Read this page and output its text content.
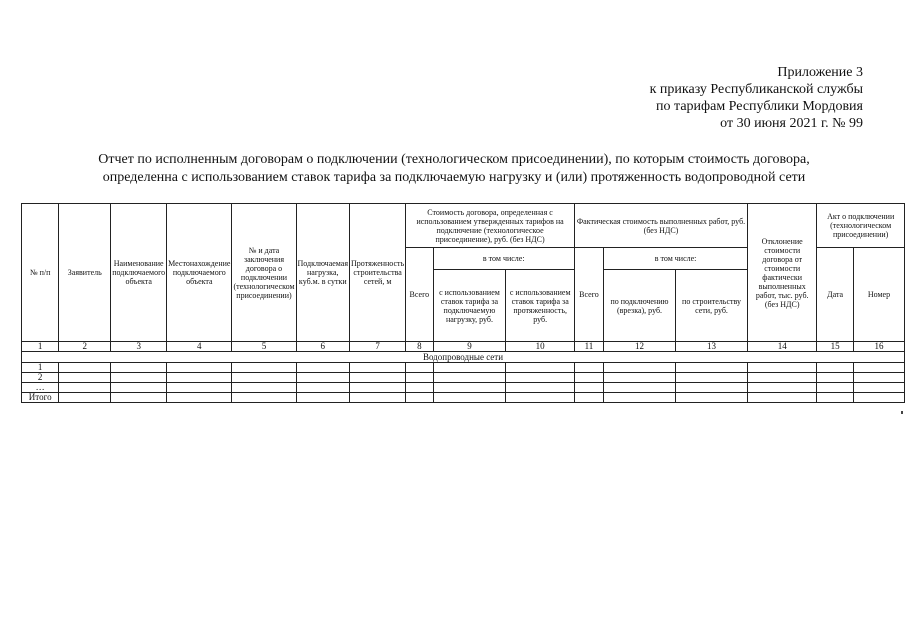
Приложение 3
к приказу Республиканской службы
по тарифам Республики Мордовия
от 30 июня 2021 г. № 99
Отчет по исполненным договорам о подключении (технологическом присоединении), по которым стоимость договора,
определенна с использованием ставок тарифа за подключаемую нагрузку и (или) протяженность водопроводной сети
№ п/п	Заявитель	Наименование подключаемого объекта	Местонахождение подключаемого объекта	№ и дата заключения договора о подключении (технологическом присоединении)	Подключаемая нагрузка, куб.м. в сутки	Протяженность строительства сетей, м	Стоимость договора, определенная с использованием утвержденных тарифов на подключение (технологическое присоединение), руб. (без НДС)			Фактическая стоимость выполненных работ, руб. (без НДС)			Отклонение стоимости договора от стоимости фактически выполненных работ, тыс. руб. (без НДС)	Акт о подключении (технологическом присоединении)	
							Всего	в том числе:		Всего	в том числе:			Дата	Номер
								с использованием ставок тарифа за подключаемую нагрузку, руб.	с использованием ставок тарифа за протяженность, руб.		по подключению (врезка), руб.	по строительству сети, руб.			
1	2	3	4	5	6	7	8	9	10	11	12	13	14	15	16
Водопроводные сети															
1															
2															
…															
Итого															
